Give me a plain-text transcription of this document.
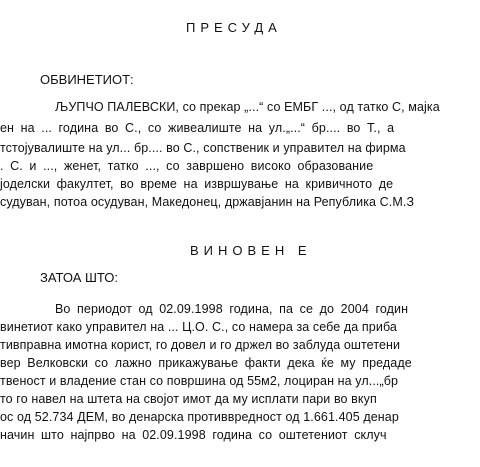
ПРЕСУДА
ОБВИНЕТИОТ:
ЉУПЧО ПАЛЕВСКИ, со прекар „...“ со ЕМБГ ..., од татко С, мајка
ен на ... година во С., со живеалиште на ул.„...“ бр.... во Т., а
тстојувалиште на ул... бр.... во С., сопственик и управител на фирма
. С. и ..., женет, татко ..., со завршено високо образование
јоделски факултет, во време на извршување на кривичното де
судуван, потоа осудуван, Македонец, државјанин на Република С.М.З
ВИНОВЕН Е
ЗАТОА ШТО:
Во периодот од 02.09.1998 година, па се до 2004 годин
винетиот како управител на ... Ц.О. С., со намера за себе да приба
тивправна имотна корист, го довел и го држел во заблуда оштетени
вер Велковски со лажно прикажување факти дека ќе му предаде
твеност и владение стан со површина од 55м2, лоциран на ул...„бр
то го навел на штета на својот имот да му исплати пари во вкуп
ос од 52.734 ДЕМ, во денарска противвредност од 1.661.405 денар
начин што најпрво на 02.09.1998 година со оштетениот склуч
